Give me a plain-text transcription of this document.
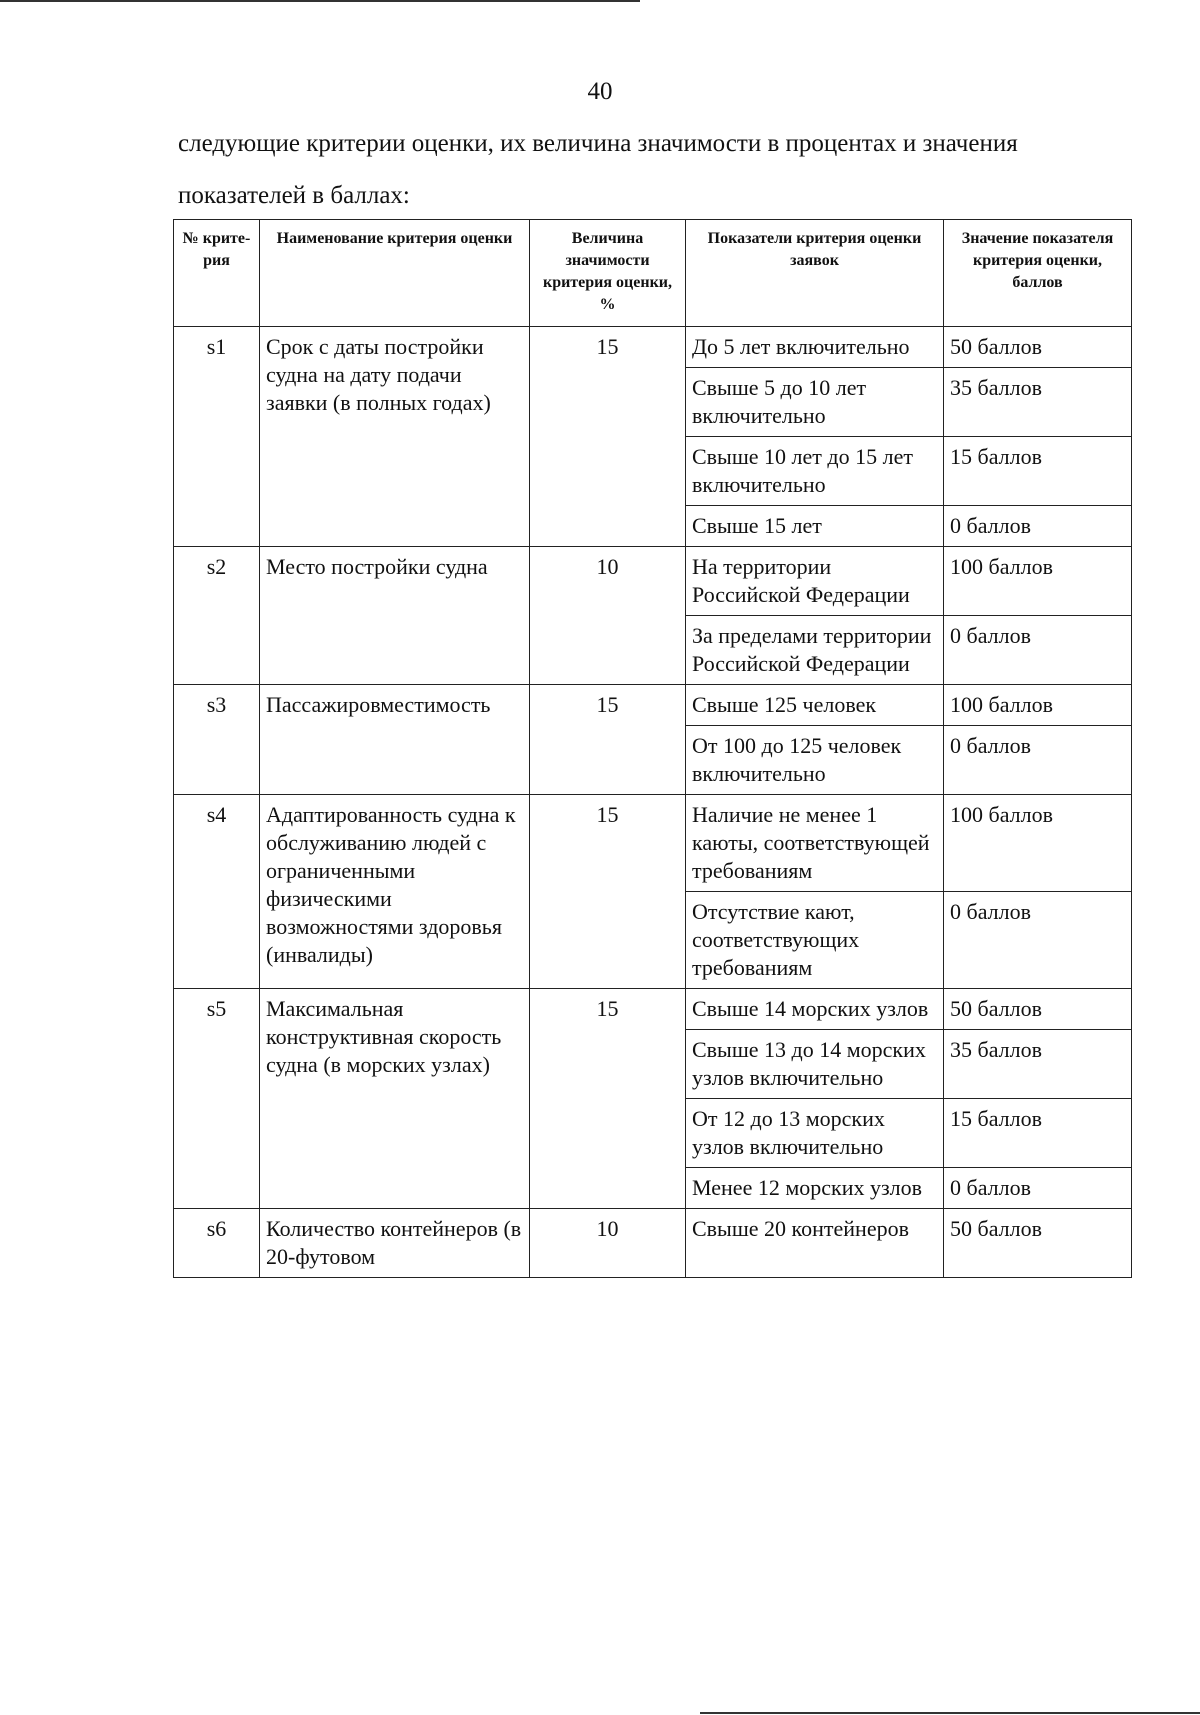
40
следующие критерии оценки, их величина значимости в процентах и значения показателей в баллах:
№ крите-рия	Наименование критерия оценки	Величина значимости критерия оценки, %	Показатели критерия оценки заявок	Значение показателя критерия оценки, баллов
s1	Срок с даты постройки судна на дату подачи заявки (в полных годах)	15	До 5 лет включительно	50 баллов
			Свыше 5 до 10 лет включительно	35 баллов
			Свыше 10 лет до 15 лет включительно	15 баллов
			Свыше 15 лет	0 баллов
s2	Место постройки судна	10	На территории Российской Федерации	100 баллов
			За пределами территории Российской Федерации	0 баллов
s3	Пассажировместимость	15	Свыше 125 человек	100 баллов
			От 100 до 125 человек включительно	0 баллов
s4	Адаптированность судна к обслуживанию людей с ограниченными физическими возможностями здоровья (инвалиды)	15	Наличие не менее 1 каюты, соответствующей требованиям	100 баллов
			Отсутствие кают, соответствующих требованиям	0 баллов
s5	Максимальная конструктивная скорость судна (в морских узлах)	15	Свыше 14 морских узлов	50 баллов
			Свыше 13 до 14 морских узлов включительно	35 баллов
			От 12 до 13 морских узлов включительно	15 баллов
			Менее 12 морских узлов	0 баллов
s6	Количество контейнеров (в 20-футовом	10	Свыше 20 контейнеров	50 баллов
